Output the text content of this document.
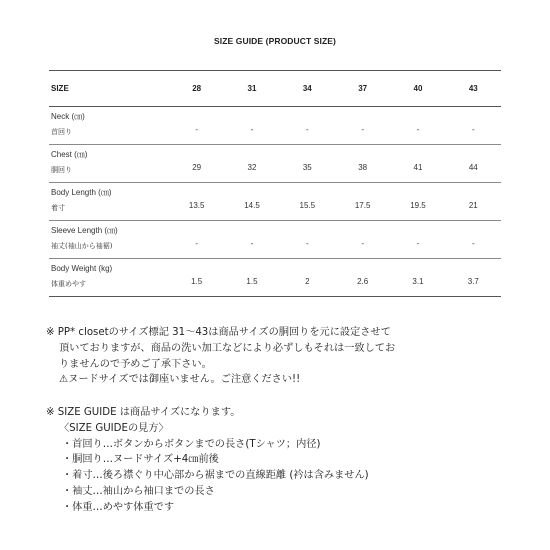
SIZE GUIDE (PRODUCT SIZE)
SIZE	28	31	34	37	40	43

Neck (㎝)
首回り	-	-	-	-	-	-

Chest (㎝)
胴回り	29	32	35	38	41	44

Body Length (㎝)
着寸	13.5	14.5	15.5	17.5	19.5	21

Sleeve Length (㎝)
袖丈(袖山から袖裾)	-	-	-	-	-	-

Body Weight (kg)
体重めやす	1.5	1.5	2	2.6	3.1	3.7

※ PP* closetのサイズ標記 31～43は商品サイズの胴回りを元に設定させて

頂いておりますが、商品の洗い加工などにより必ずしもそれは一致してお

りませんので予めご了承下さい。

⚠ヌードサイズでは御座いません。ご注意ください!!

※ SIZE GUIDE は商品サイズになります。

〈SIZE GUIDEの見方〉

・首回り…ボタンからボタンまでの長さ(Tシャツ；内径)

・胴回り…ヌードサイズ+4㎝前後

・着寸…後ろ襟ぐり中心部から裾までの直線距離 (衿は含みません)

・袖丈…袖山から袖口までの長さ

・体重…めやす体重です
